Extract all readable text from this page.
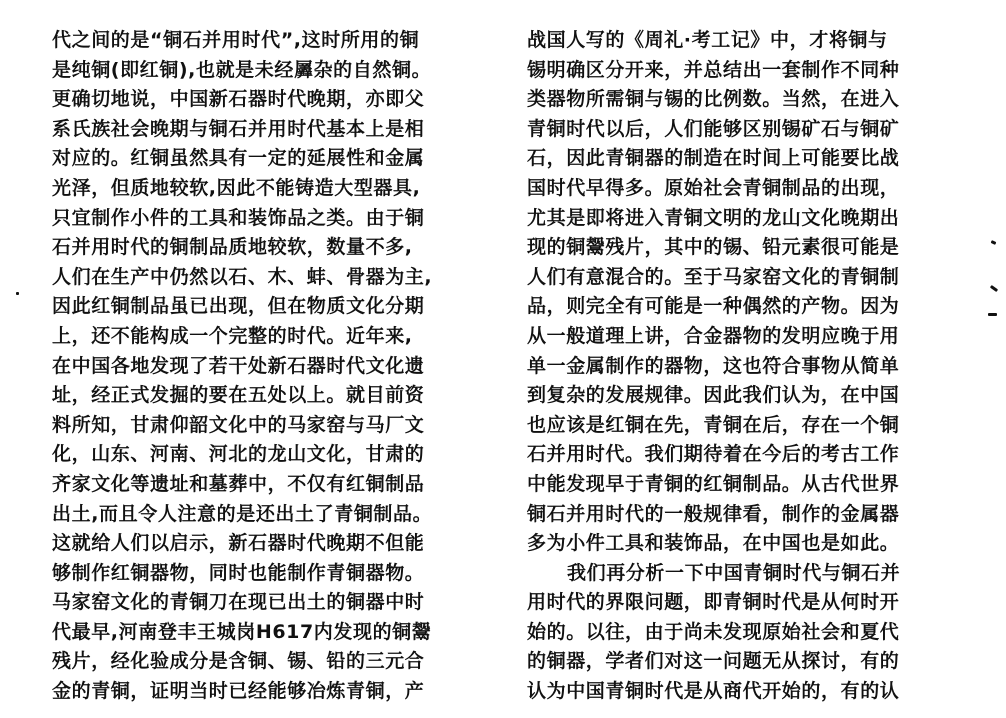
代之间的是“铜石并用时代”,这时所用的铜
是纯铜(即红铜),也就是未经羼杂的自然铜。
更确切地说，中国新石器时代晚期，亦即父
系氏族社会晚期与铜石并用时代基本上是相
对应的。红铜虽然具有一定的延展性和金属
光泽，但质地较软,因此不能铸造大型器具,
只宜制作小件的工具和装饰品之类。由于铜
石并用时代的铜制品质地较软，数量不多,
人们在生产中仍然以石、木、蚌、骨器为主,
因此红铜制品虽已出现，但在物质文化分期
上，还不能构成一个完整的时代。近年来,
在中国各地发现了若干处新石器时代文化遗
址，经正式发掘的要在五处以上。就目前资
料所知，甘肃仰韶文化中的马家窑与马厂文
化，山东、河南、河北的龙山文化，甘肃的
齐家文化等遗址和墓葬中，不仅有红铜制品
出土,而且令人注意的是还出土了青铜制品。
这就给人们以启示，新石器时代晚期不但能
够制作红铜器物，同时也能制作青铜器物。
马家窑文化的青铜刀在现已出土的铜器中时
代最早,河南登丰王城岗H617内发现的铜鬶
残片，经化验成分是含铜、锡、铅的三元合
金的青铜，证明当时已经能够冶炼青铜，产
战国人写的《周礼·考工记》中，才将铜与
锡明确区分开来，并总结出一套制作不同种
类器物所需铜与锡的比例数。当然，在进入
青铜时代以后，人们能够区别锡矿石与铜矿
石，因此青铜器的制造在时间上可能要比战
国时代早得多。原始社会青铜制品的出现，
尤其是即将进入青铜文明的龙山文化晚期出
现的铜鬶残片，其中的锡、铅元素很可能是
人们有意混合的。至于马家窑文化的青铜制
品，则完全有可能是一种偶然的产物。因为
从一般道理上讲，合金器物的发明应晚于用
单一金属制作的器物，这也符合事物从简单
到复杂的发展规律。因此我们认为，在中国
也应该是红铜在先，青铜在后，存在一个铜
石并用时代。我们期待着在今后的考古工作
中能发现早于青铜的红铜制品。从古代世界
铜石并用时代的一般规律看，制作的金属器
多为小件工具和装饰品，在中国也是如此。
我们再分析一下中国青铜时代与铜石并
用时代的界限问题，即青铜时代是从何时开
始的。以往，由于尚未发现原始社会和夏代
的铜器，学者们对这一问题无从探讨，有的
认为中国青铜时代是从商代开始的，有的认
